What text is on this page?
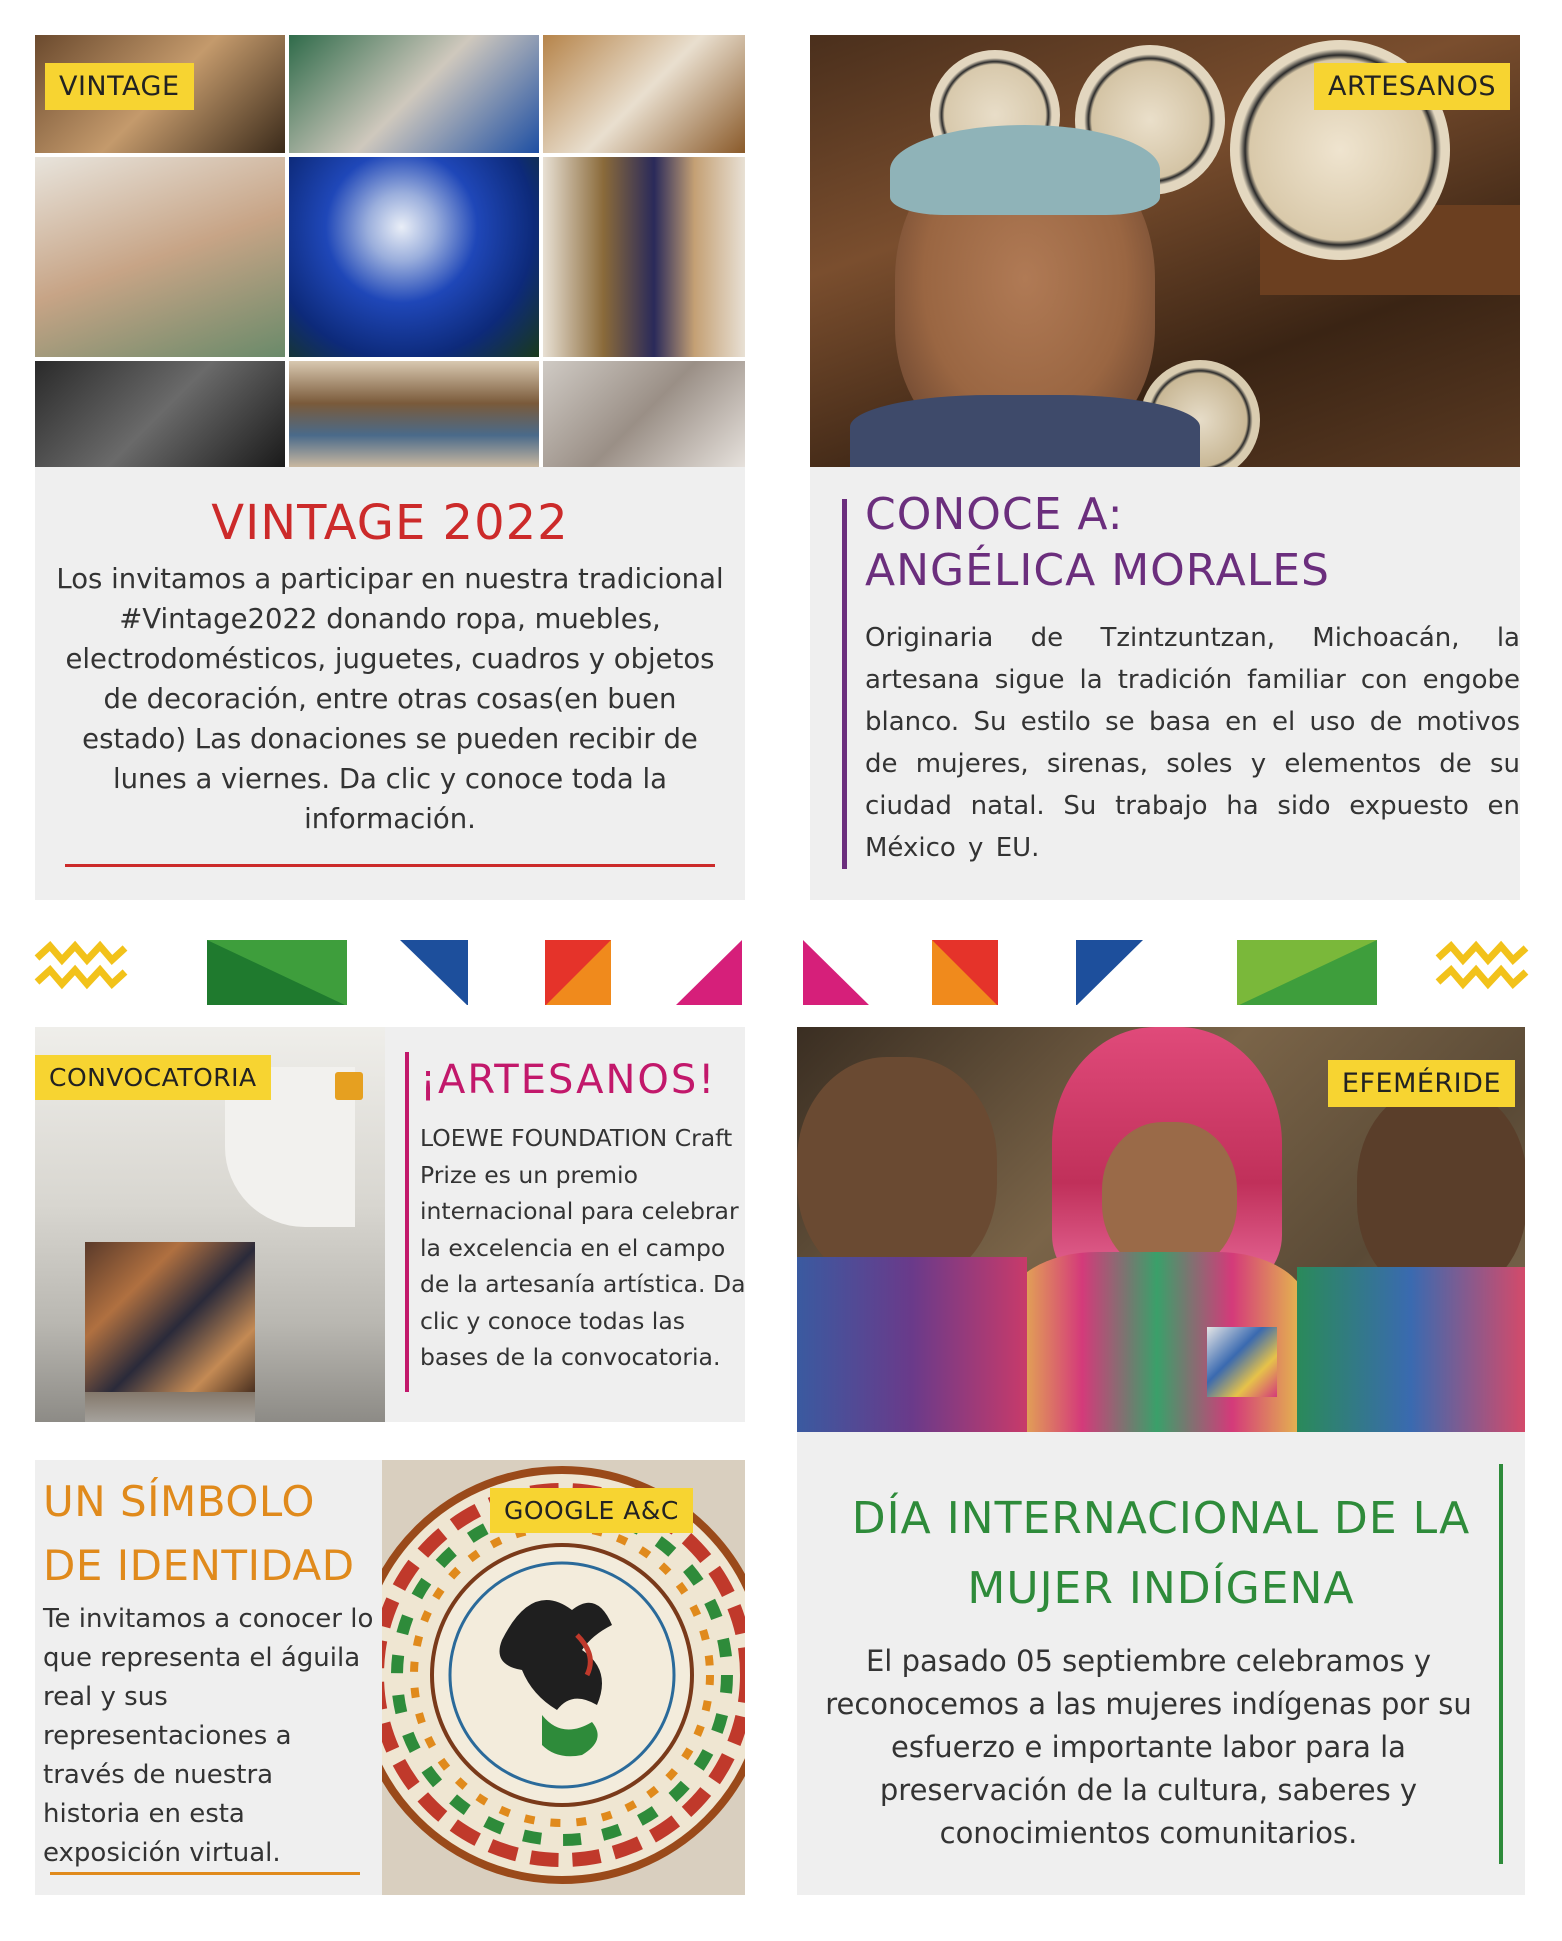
VINTAGE
VINTAGE 2022
Los invitamos a participar en nuestra tradicional #Vintage2022 donando ropa, muebles, electrodomésticos, juguetes, cuadros y objetos de decoración, entre otras cosas(en buen estado) Las donaciones se pueden recibir de lunes a viernes. Da clic y conoce toda la información.
ARTESANOS
CONOCE A:
ANGÉLICA MORALES
Originaria de Tzintzuntzan, Michoacán, la artesana sigue la tradición familiar con engobe blanco. Su estilo se basa en el uso de motivos de mujeres, sirenas, soles y elementos de su ciudad natal. Su trabajo ha sido expuesto en México y EU.
CONVOCATORIA	¡ARTESANOS!
LOEWE FOUNDATION Craft Prize es un premio internacional para celebrar la excelencia en el campo de la artesanía artística. Da clic y conoce todas las bases de la convocatoria.
UN SÍMBOLO
DE IDENTIDAD
Te invitamos a conocer lo que representa el águila real y sus representaciones a través de nuestra historia en esta exposición virtual.
GOOGLE A&C
EFEMÉRIDE
DÍA INTERNACIONAL DE LA
MUJER INDÍGENA
El pasado 05 septiembre celebramos y reconocemos a las mujeres indígenas por su esfuerzo e importante labor para la preservación de la cultura, saberes y conocimientos comunitarios.
